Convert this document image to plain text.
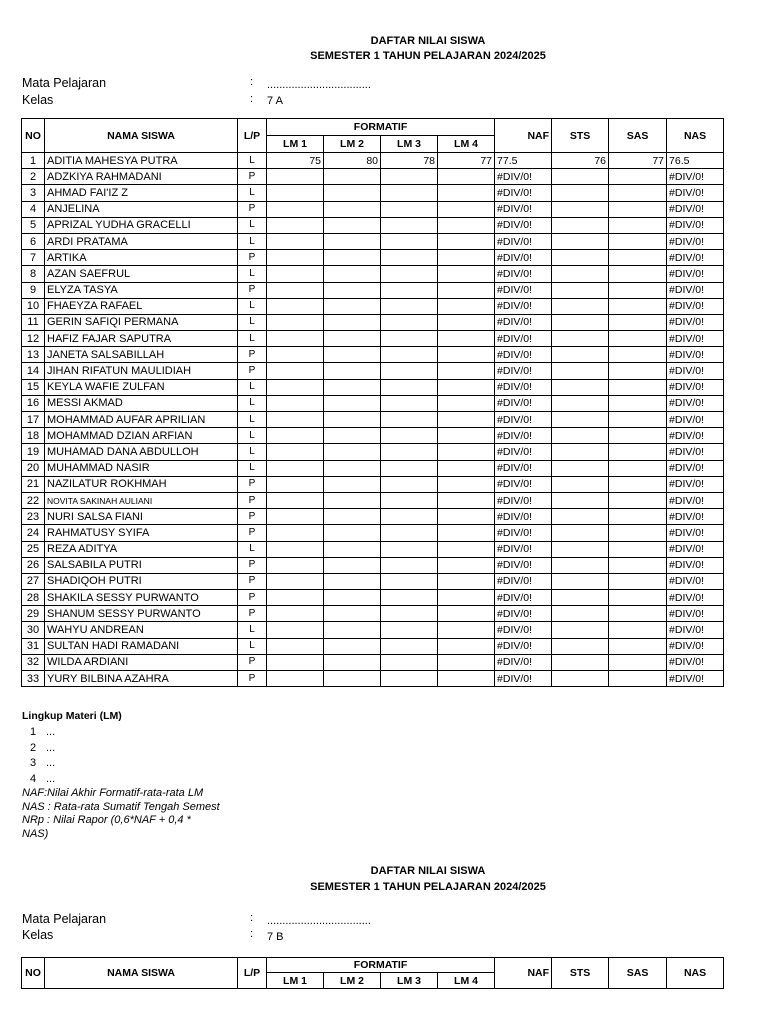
DAFTAR NILAI SISWA
SEMESTER 1 TAHUN PELAJARAN 2024/2025
Mata Pelajaran	: ..................................
Kelas	: 7 A
NO	NAMA SISWA	L/P	FORMATIF				NAF	STS	SAS	NAS
			LM 1	LM 2	LM 3	LM 4				
1	ADITIA MAHESYA PUTRA	L	75	80	78	77	77.5	76	77	76.5
2	ADZKIYA RAHMADANI	P					#DIV/0!			#DIV/0!
3	AHMAD FAI'IZ Z	L					#DIV/0!			#DIV/0!
4	ANJELINA	P					#DIV/0!			#DIV/0!
5	APRIZAL YUDHA GRACELLI	L					#DIV/0!			#DIV/0!
6	ARDI PRATAMA	L					#DIV/0!			#DIV/0!
7	ARTIKA	P					#DIV/0!			#DIV/0!
8	AZAN SAEFRUL	L					#DIV/0!			#DIV/0!
9	ELYZA TASYA	P					#DIV/0!			#DIV/0!
10	FHAEYZA RAFAEL	L					#DIV/0!			#DIV/0!
11	GERIN SAFIQI PERMANA	L					#DIV/0!			#DIV/0!
12	HAFIZ FAJAR SAPUTRA	L					#DIV/0!			#DIV/0!
13	JANETA SALSABILLAH	P					#DIV/0!			#DIV/0!
14	JIHAN RIFATUN MAULIDIAH	P					#DIV/0!			#DIV/0!
15	KEYLA WAFIE ZULFAN	L					#DIV/0!			#DIV/0!
16	MESSI AKMAD	L					#DIV/0!			#DIV/0!
17	MOHAMMAD AUFAR APRILIAN	L					#DIV/0!			#DIV/0!
18	MOHAMMAD DZIAN ARFIAN	L					#DIV/0!			#DIV/0!
19	MUHAMAD DANA ABDULLOH	L					#DIV/0!			#DIV/0!
20	MUHAMMAD NASIR	L					#DIV/0!			#DIV/0!
21	NAZILATUR ROKHMAH	P					#DIV/0!			#DIV/0!
22	NOVITA SAKINAH AULIANI	P					#DIV/0!			#DIV/0!
23	NURI SALSA FIANI	P					#DIV/0!			#DIV/0!
24	RAHMATUSY SYIFA	P					#DIV/0!			#DIV/0!
25	REZA ADITYA	L					#DIV/0!			#DIV/0!
26	SALSABILA PUTRI	P					#DIV/0!			#DIV/0!
27	SHADIQOH PUTRI	P					#DIV/0!			#DIV/0!
28	SHAKILA SESSY PURWANTO	P					#DIV/0!			#DIV/0!
29	SHANUM SESSY PURWANTO	P					#DIV/0!			#DIV/0!
30	WAHYU ANDREAN	L					#DIV/0!			#DIV/0!
31	SULTAN HADI RAMADANI	L					#DIV/0!			#DIV/0!
32	WILDA ARDIANI	P					#DIV/0!			#DIV/0!
33	YURY BILBINA AZAHRA	P					#DIV/0!			#DIV/0!
Lingkup Materi (LM)
1 ...
2 ...
3 ...
4 ...
NAF:Nilai Akhir Formatif-rata-rata LM
NAS : Rata-rata Sumatif Tengah Semest
NRp : Nilai Rapor (0,6*NAF + 0,4 *
NAS)
DAFTAR NILAI SISWA
SEMESTER 1 TAHUN PELAJARAN 2024/2025
Mata Pelajaran	: ..................................
Kelas	: 7 B
NO	NAMA SISWA	L/P	FORMATIF				NAF	STS	SAS	NAS
			LM 1	LM 2	LM 3	LM 4				
